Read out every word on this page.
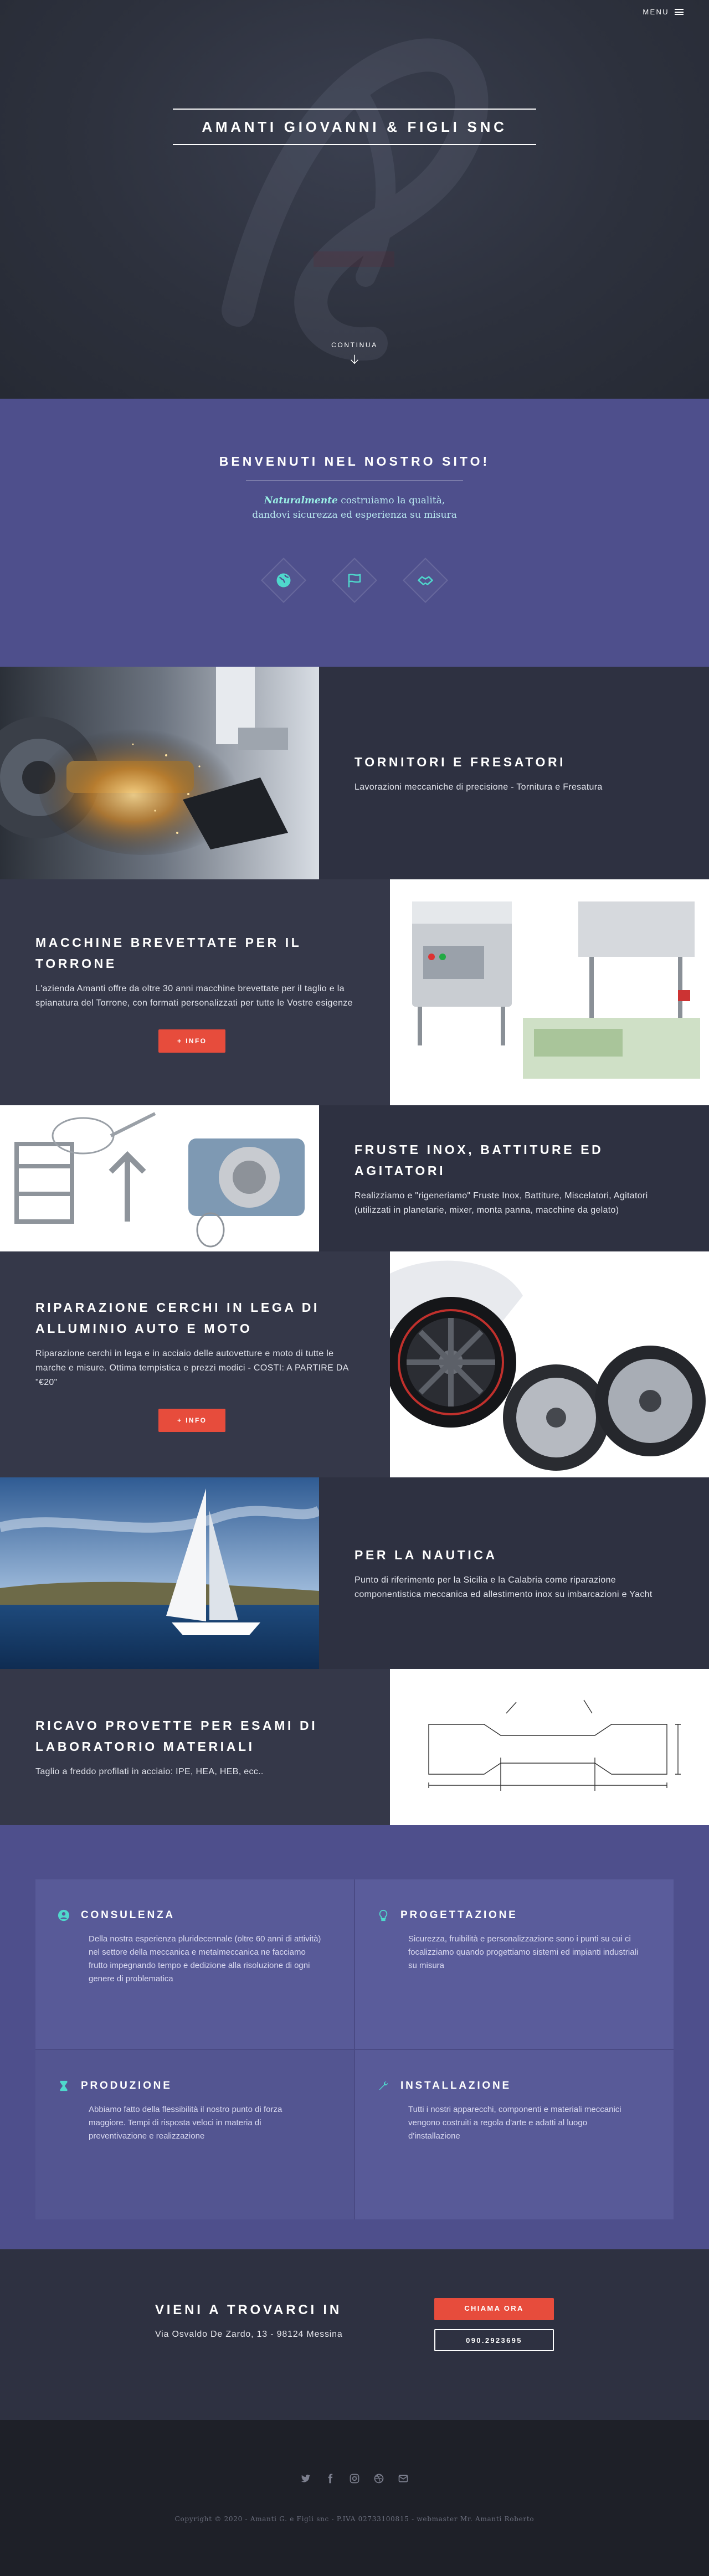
MENU
AMANTI GIOVANNI & FIGLI SNC
CONTINUA
BENVENUTI NEL NOSTRO SITO!

Naturalmente costruiamo la qualità,
dandovi sicurezza ed esperienza su misura

TORNITORI E FRESATORI

Lavorazioni meccaniche di precisione - Tornitura e Fresatura

MACCHINE BREVETTATE PER IL TORRONE

L'azienda Amanti offre da oltre 30 anni macchine brevettate per il taglio e la spianatura del Torrone, con formati personalizzati per tutte le Vostre esigenze

+ INFO
FRUSTE INOX, BATTITURE ED AGITATORI

Realizziamo e "rigeneriamo" Fruste Inox, Battiture, Miscelatori, Agitatori (utilizzati in planetarie, mixer, monta panna, macchine da gelato)

RIPARAZIONE CERCHI IN LEGA DI ALLUMINIO AUTO E MOTO

Riparazione cerchi in lega e in acciaio delle autovetture e moto di tutte le marche e misure. Ottima tempistica e prezzi modici - COSTI: A PARTIRE DA "€20"

+ INFO
PER LA NAUTICA

Punto di riferimento per la Sicilia e la Calabria come riparazione componentistica meccanica ed allestimento inox su imbarcazioni e Yacht

RICAVO PROVETTE PER ESAMI DI LABORATORIO MATERIALI

Taglio a freddo profilati in acciaio: IPE, HEA, HEB, ecc..

CONSULENZA

Della nostra esperienza pluridecennale (oltre 60 anni di attività) nel settore della meccanica e metalmeccanica ne facciamo frutto impegnando tempo e dedizione alla risoluzione di ogni genere di problematica

PROGETTAZIONE

Sicurezza, fruibilità e personalizzazione sono i punti su cui ci focalizziamo quando progettiamo sistemi ed impianti industriali su misura

PRODUZIONE

Abbiamo fatto della flessibilità il nostro punto di forza maggiore. Tempi di risposta veloci in materia di preventivazione e realizzazione

INSTALLAZIONE

Tutti i nostri apparecchi, componenti e materiali meccanici vengono costruiti a regola d'arte e adatti al luogo d'installazione

VIENI A TROVARCI IN
Via Osvaldo De Zardo, 13 - 98124 Messina
CHIAMA ORA
090.2923695
Copyright © 2020 - Amanti G. e Figli snc - P.IVA 02733100815 - webmaster Mr. Amanti Roberto
